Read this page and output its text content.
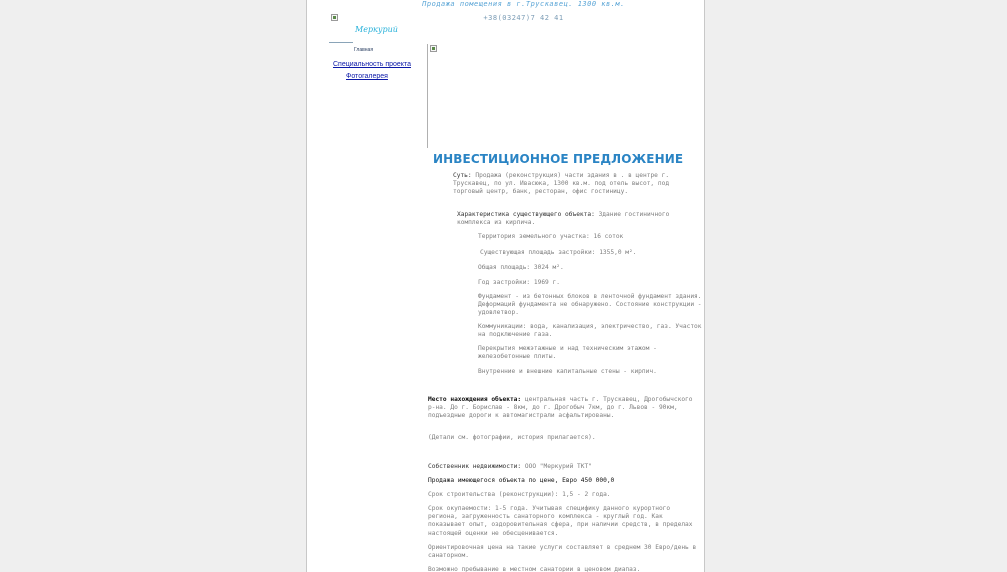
Продажа помещения в г.Трускавец. 1300 кв.м.
+38(03247)7 42 41
Меркурий
Главная
Специальность проекта
Фотогалерея
ИНВЕСТИЦИОННОЕ ПРЕДЛОЖЕНИЕ
Суть: Продажа (реконструкция) части здания в . в центре г. Трускавец, по ул. Ивасюка, 1300 кв.м. под отель высот, под торговый центр, банк, ресторан, офис гостиницу.
Характеристика существующего объекта: Здание гостиничного комплекса из кирпича.
Территория земельного участка: 16 соток
Существующая площадь застройки: 1355,0 м².
Общая площадь: 3024 м².
Год застройки: 1969 г.
Фундамент - из бетонных блоков в ленточной фундамент здания. Деформаций фундамента не обнаружено. Состояние конструкции - удовлетвор.
Коммуникации: вода, канализация, электричество, газ. Участок на подключение газа.
Перекрытия межэтажные и над техническим этажом - железобетонные плиты.
Внутренние и внешние капитальные стены - кирпич.
Место нахождения объекта: центральная часть г. Трускавец, Дрогобычского р-на. До г. Борислав - 8км, до г. Дрогобыч 7км, до г. Львов - 90км, подъездные дороги к автомагистрали асфальтированы.
(Детали см. фотографии, история прилагается).
Собственник недвижимости: ООО "Меркурий ТКТ"
Продажа имеющегося объекта по цене, Евро 450 000,0
Срок строительства (реконструкции): 1,5 - 2 года.
Срок окупаемости: 1-5 года. Учитывая специфику данного курортного региона, загруженность санаторного комплекса - круглый год. Как показывает опыт, оздоровительная сфера, при наличии средств, в пределах настоящей оценки не обесценивается.
Ориентировочная цена на такие услуги составляет в среднем 30 Евро/день в санаторном.
Возможно пребывание в местном санатории в ценовом диапаз.
